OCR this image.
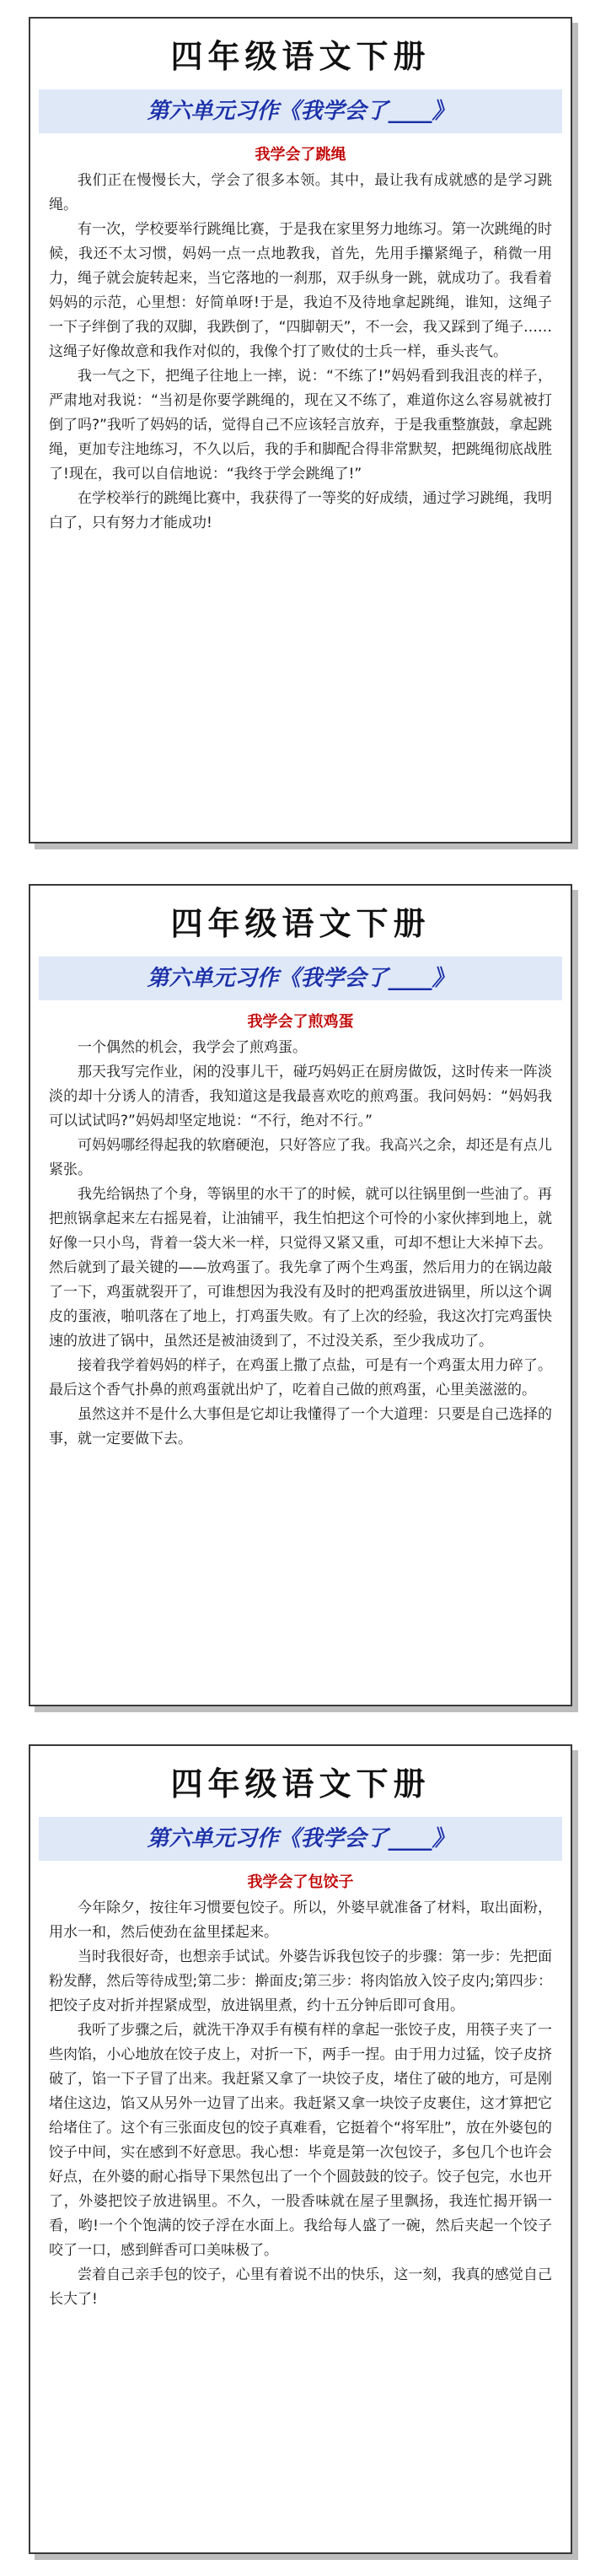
四年级语文下册
第六单元习作《我学会了____》
我学会了跳绳

我们正在慢慢长大，学会了很多本领。其中，最让我有成就感的是学习跳绳。

有一次，学校要举行跳绳比赛，于是我在家里努力地练习。第一次跳绳的时候，我还不太习惯，妈妈一点一点地教我，首先，先用手攥紧绳子，稍微一用力，绳子就会旋转起来，当它落地的一刹那，双手纵身一跳，就成功了。我看着妈妈的示范，心里想：好简单呀!于是，我迫不及待地拿起跳绳，谁知，这绳子一下子绊倒了我的双脚，我跌倒了，“四脚朝天”，不一会，我又踩到了绳子……这绳子好像故意和我作对似的，我像个打了败仗的士兵一样，垂头丧气。

我一气之下，把绳子往地上一摔，说：“不练了!”妈妈看到我沮丧的样子，严肃地对我说：“当初是你要学跳绳的，现在又不练了，难道你这么容易就被打倒了吗?”我听了妈妈的话，觉得自己不应该轻言放弃，于是我重整旗鼓，拿起跳绳，更加专注地练习，不久以后，我的手和脚配合得非常默契，把跳绳彻底战胜了!现在，我可以自信地说：“我终于学会跳绳了!”

在学校举行的跳绳比赛中，我获得了一等奖的好成绩，通过学习跳绳，我明白了，只有努力才能成功!

四年级语文下册
第六单元习作《我学会了____》
我学会了煎鸡蛋

一个偶然的机会，我学会了煎鸡蛋。

那天我写完作业，闲的没事儿干，碰巧妈妈正在厨房做饭，这时传来一阵淡淡的却十分诱人的清香，我知道这是我最喜欢吃的煎鸡蛋。我问妈妈：“妈妈我可以试试吗?”妈妈却坚定地说：“不行，绝对不行。”

可妈妈哪经得起我的软磨硬泡，只好答应了我。我高兴之余，却还是有点儿紧张。

我先给锅热了个身，等锅里的水干了的时候，就可以往锅里倒一些油了。再把煎锅拿起来左右摇晃着，让油铺平，我生怕把这个可怜的小家伙摔到地上，就好像一只小鸟，背着一袋大米一样，只觉得又紧又重，可却不想让大米掉下去。然后就到了最关键的——放鸡蛋了。我先拿了两个生鸡蛋，然后用力的在锅边敲了一下，鸡蛋就裂开了，可谁想因为我没有及时的把鸡蛋放进锅里，所以这个调皮的蛋液，啪叽落在了地上，打鸡蛋失败。有了上次的经验，我这次打完鸡蛋快速的放进了锅中，虽然还是被油烫到了，不过没关系，至少我成功了。

接着我学着妈妈的样子，在鸡蛋上撒了点盐，可是有一个鸡蛋太用力碎了。最后这个香气扑鼻的煎鸡蛋就出炉了，吃着自己做的煎鸡蛋，心里美滋滋的。

虽然这并不是什么大事但是它却让我懂得了一个大道理：只要是自己选择的事，就一定要做下去。

四年级语文下册
第六单元习作《我学会了____》
我学会了包饺子

今年除夕，按往年习惯要包饺子。所以，外婆早就准备了材料，取出面粉，用水一和，然后使劲在盆里揉起来。

当时我很好奇，也想亲手试试。外婆告诉我包饺子的步骤：第一步：先把面粉发酵，然后等待成型;第二步：擀面皮;第三步：将肉馅放入饺子皮内;第四步：把饺子皮对折并捏紧成型，放进锅里煮，约十五分钟后即可食用。

我听了步骤之后，就洗干净双手有模有样的拿起一张饺子皮，用筷子夹了一些肉馅，小心地放在饺子皮上，对折一下，两手一捏。由于用力过猛，饺子皮挤破了，馅一下子冒了出来。我赶紧又拿了一块饺子皮，堵住了破的地方，可是刚堵住这边，馅又从另外一边冒了出来。我赶紧又拿一块饺子皮裹住，这才算把它给堵住了。这个有三张面皮包的饺子真难看，它挺着个“将军肚”，放在外婆包的饺子中间，实在感到不好意思。我心想：毕竟是第一次包饺子，多包几个也许会好点，在外婆的耐心指导下果然包出了一个个圆鼓鼓的饺子。饺子包完，水也开了，外婆把饺子放进锅里。不久，一股香味就在屋子里飘扬，我连忙揭开锅一看，哟!一个个饱满的饺子浮在水面上。我给每人盛了一碗，然后夹起一个饺子咬了一口，感到鲜香可口美味极了。

尝着自己亲手包的饺子，心里有着说不出的快乐，这一刻，我真的感觉自己长大了!
